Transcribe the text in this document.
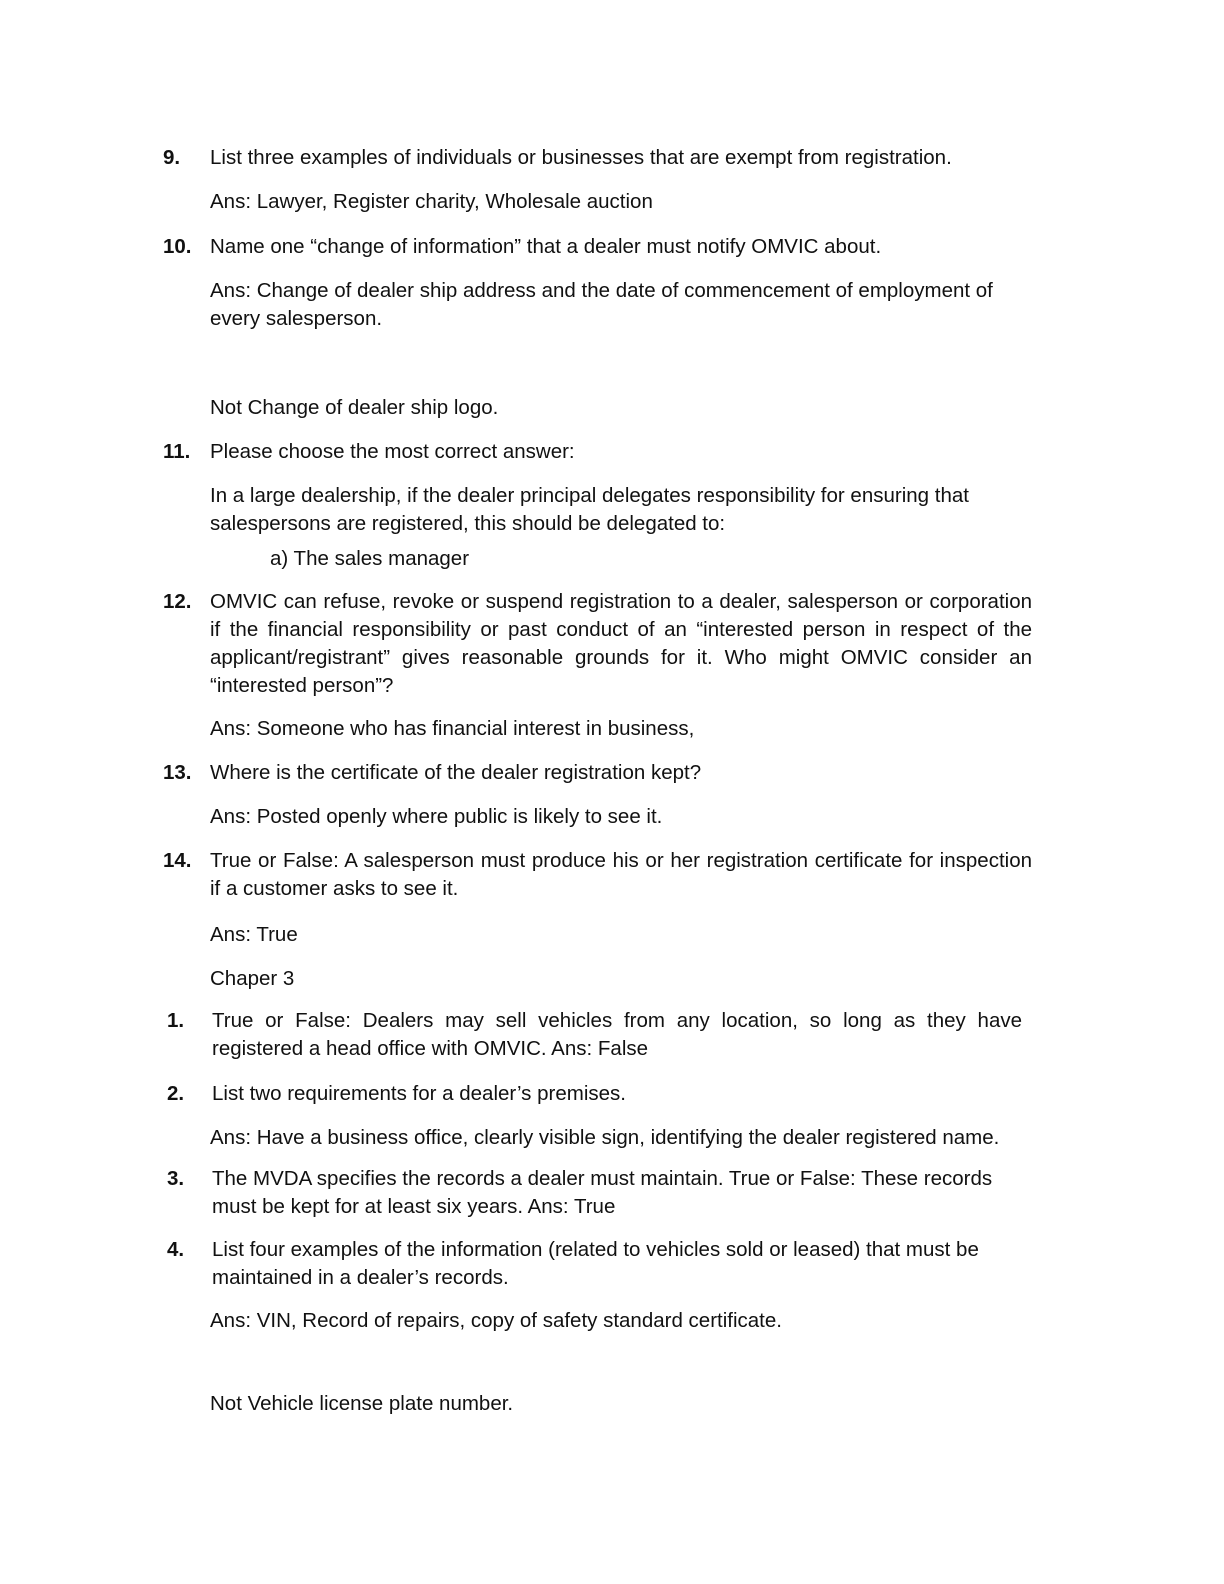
9. List three examples of individuals or businesses that are exempt from registration.
Ans: Lawyer, Register charity, Wholesale auction
10. Name one “change of information” that a dealer must notify OMVIC about.
Ans: Change of dealer ship address and the date of commencement of employment of every salesperson.
Not Change of dealer ship logo.
11. Please choose the most correct answer:
In a large dealership, if the dealer principal delegates responsibility for ensuring that salespersons are registered, this should be delegated to:
a) The sales manager
12. OMVIC can refuse, revoke or suspend registration to a dealer, salesperson or corporation if the financial responsibility or past conduct of an “interested person in respect of the applicant/registrant” gives reasonable grounds for it. Who might OMVIC consider an “interested person”?
Ans: Someone who has financial interest in business,
13. Where is the certificate of the dealer registration kept?
Ans: Posted openly where public is likely to see it.
14. True or False: A salesperson must produce his or her registration certificate for inspection if a customer asks to see it.
Ans: True
Chaper 3
1. True or False: Dealers may sell vehicles from any location, so long as they have registered a head office with OMVIC. Ans: False
2. List two requirements for a dealer’s premises.
Ans: Have a business office, clearly visible sign, identifying the dealer registered name.
3. The MVDA specifies the records a dealer must maintain. True or False: These records must be kept for at least six years. Ans: True
4. List four examples of the information (related to vehicles sold or leased) that must be maintained in a dealer’s records.
Ans: VIN, Record of repairs, copy of safety standard certificate.
Not Vehicle license plate number.
